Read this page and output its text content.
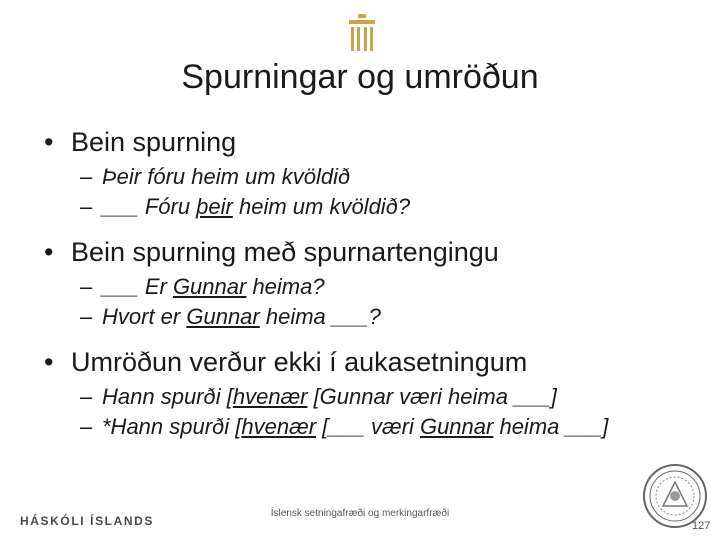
Spurningar og umröðun
• Bein spurning
– Þeir fóru heim um kvöldið
– ___ Fóru þeir heim um kvöldið?
• Bein spurning með spurnartengingu
– ___ Er Gunnar heima?
– Hvort er Gunnar heima ___?
• Umröðun verður ekki í aukasetningum
– Hann spurði [hvenær [Gunnar væri heima ___]
– *Hann spurði [hvenær [___ væri Gunnar heima ___]
HÁSKÓLI ÍSLANDS
Íslensk setningafræði og merkingarfræði
127
